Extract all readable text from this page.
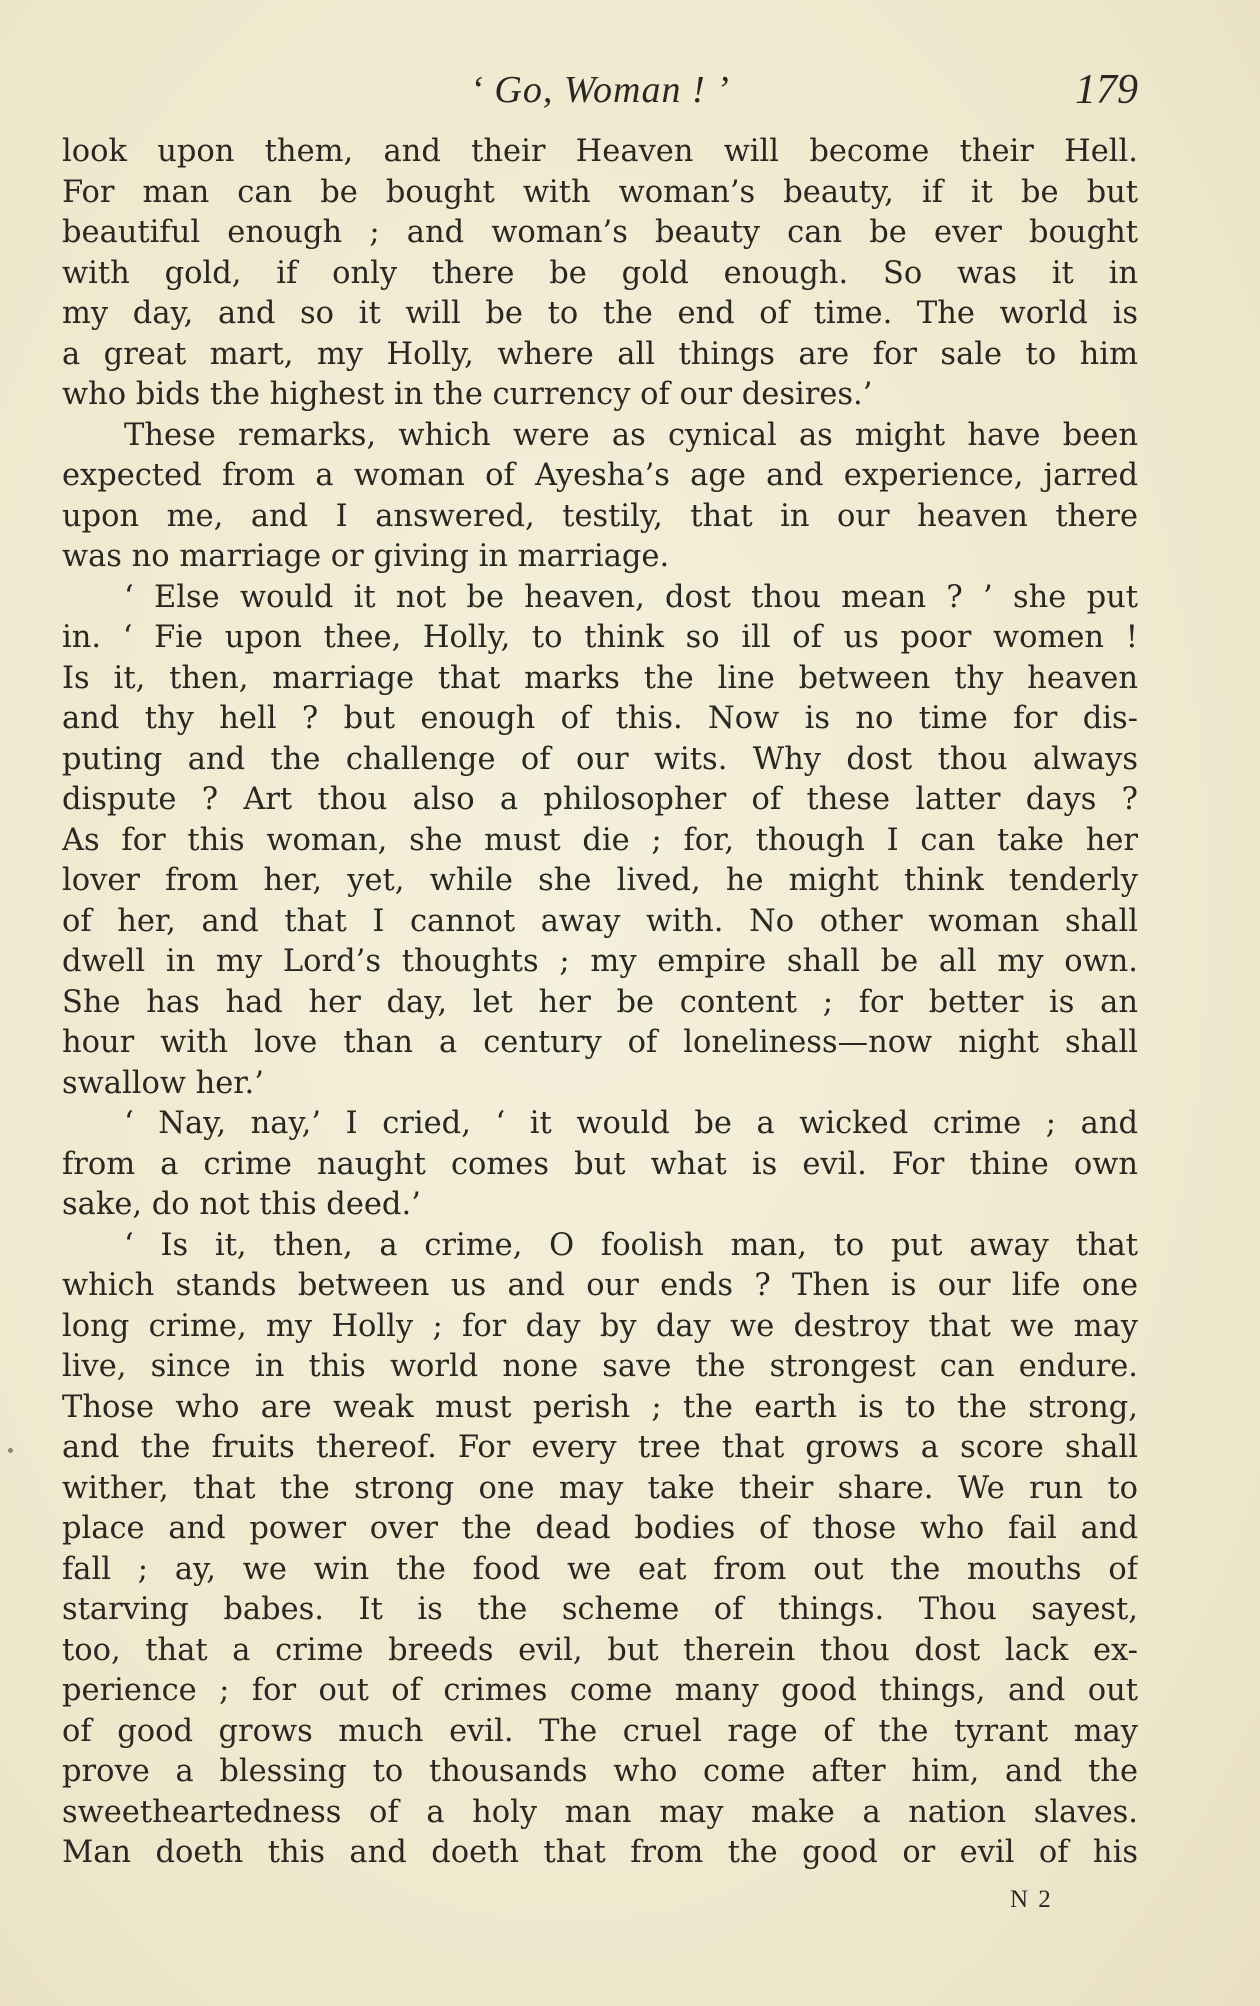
‘ Go, Woman ! ’	179
look upon them, and their Heaven will become their Hell.
For man can be bought with woman’s beauty, if it be but
beautiful enough ; and woman’s beauty can be ever bought
with gold, if only there be gold enough. So was it in
my day, and so it will be to the end of time. The world is
a great mart, my Holly, where all things are for sale to him
who bids the highest in the currency of our desires.’
These remarks, which were as cynical as might have been
expected from a woman of Ayesha’s age and experience, jarred
upon me, and I answered, testily, that in our heaven there
was no marriage or giving in marriage.
‘ Else would it not be heaven, dost thou mean ? ’ she put
in. ‘ Fie upon thee, Holly, to think so ill of us poor women !
Is it, then, marriage that marks the line between thy heaven
and thy hell ? but enough of this. Now is no time for dis-
puting and the challenge of our wits. Why dost thou always
dispute ? Art thou also a philosopher of these latter days ?
As for this woman, she must die ; for, though I can take her
lover from her, yet, while she lived, he might think tenderly
of her, and that I cannot away with. No other woman shall
dwell in my Lord’s thoughts ; my empire shall be all my own.
She has had her day, let her be content ; for better is an
hour with love than a century of loneliness—now night shall
swallow her.’
‘ Nay, nay,’ I cried, ‘ it would be a wicked crime ; and
from a crime naught comes but what is evil. For thine own
sake, do not this deed.’
‘ Is it, then, a crime, O foolish man, to put away that
which stands between us and our ends ? Then is our life one
long crime, my Holly ; for day by day we destroy that we may
live, since in this world none save the strongest can endure.
Those who are weak must perish ; the earth is to the strong,
and the fruits thereof. For every tree that grows a score shall
wither, that the strong one may take their share. We run to
place and power over the dead bodies of those who fail and
fall ; ay, we win the food we eat from out the mouths of
starving babes. It is the scheme of things. Thou sayest,
too, that a crime breeds evil, but therein thou dost lack ex-
perience ; for out of crimes come many good things, and out
of good grows much evil. The cruel rage of the tyrant may
prove a blessing to thousands who come after him, and the
sweetheartedness of a holy man may make a nation slaves.
Man doeth this and doeth that from the good or evil of his
N 2
